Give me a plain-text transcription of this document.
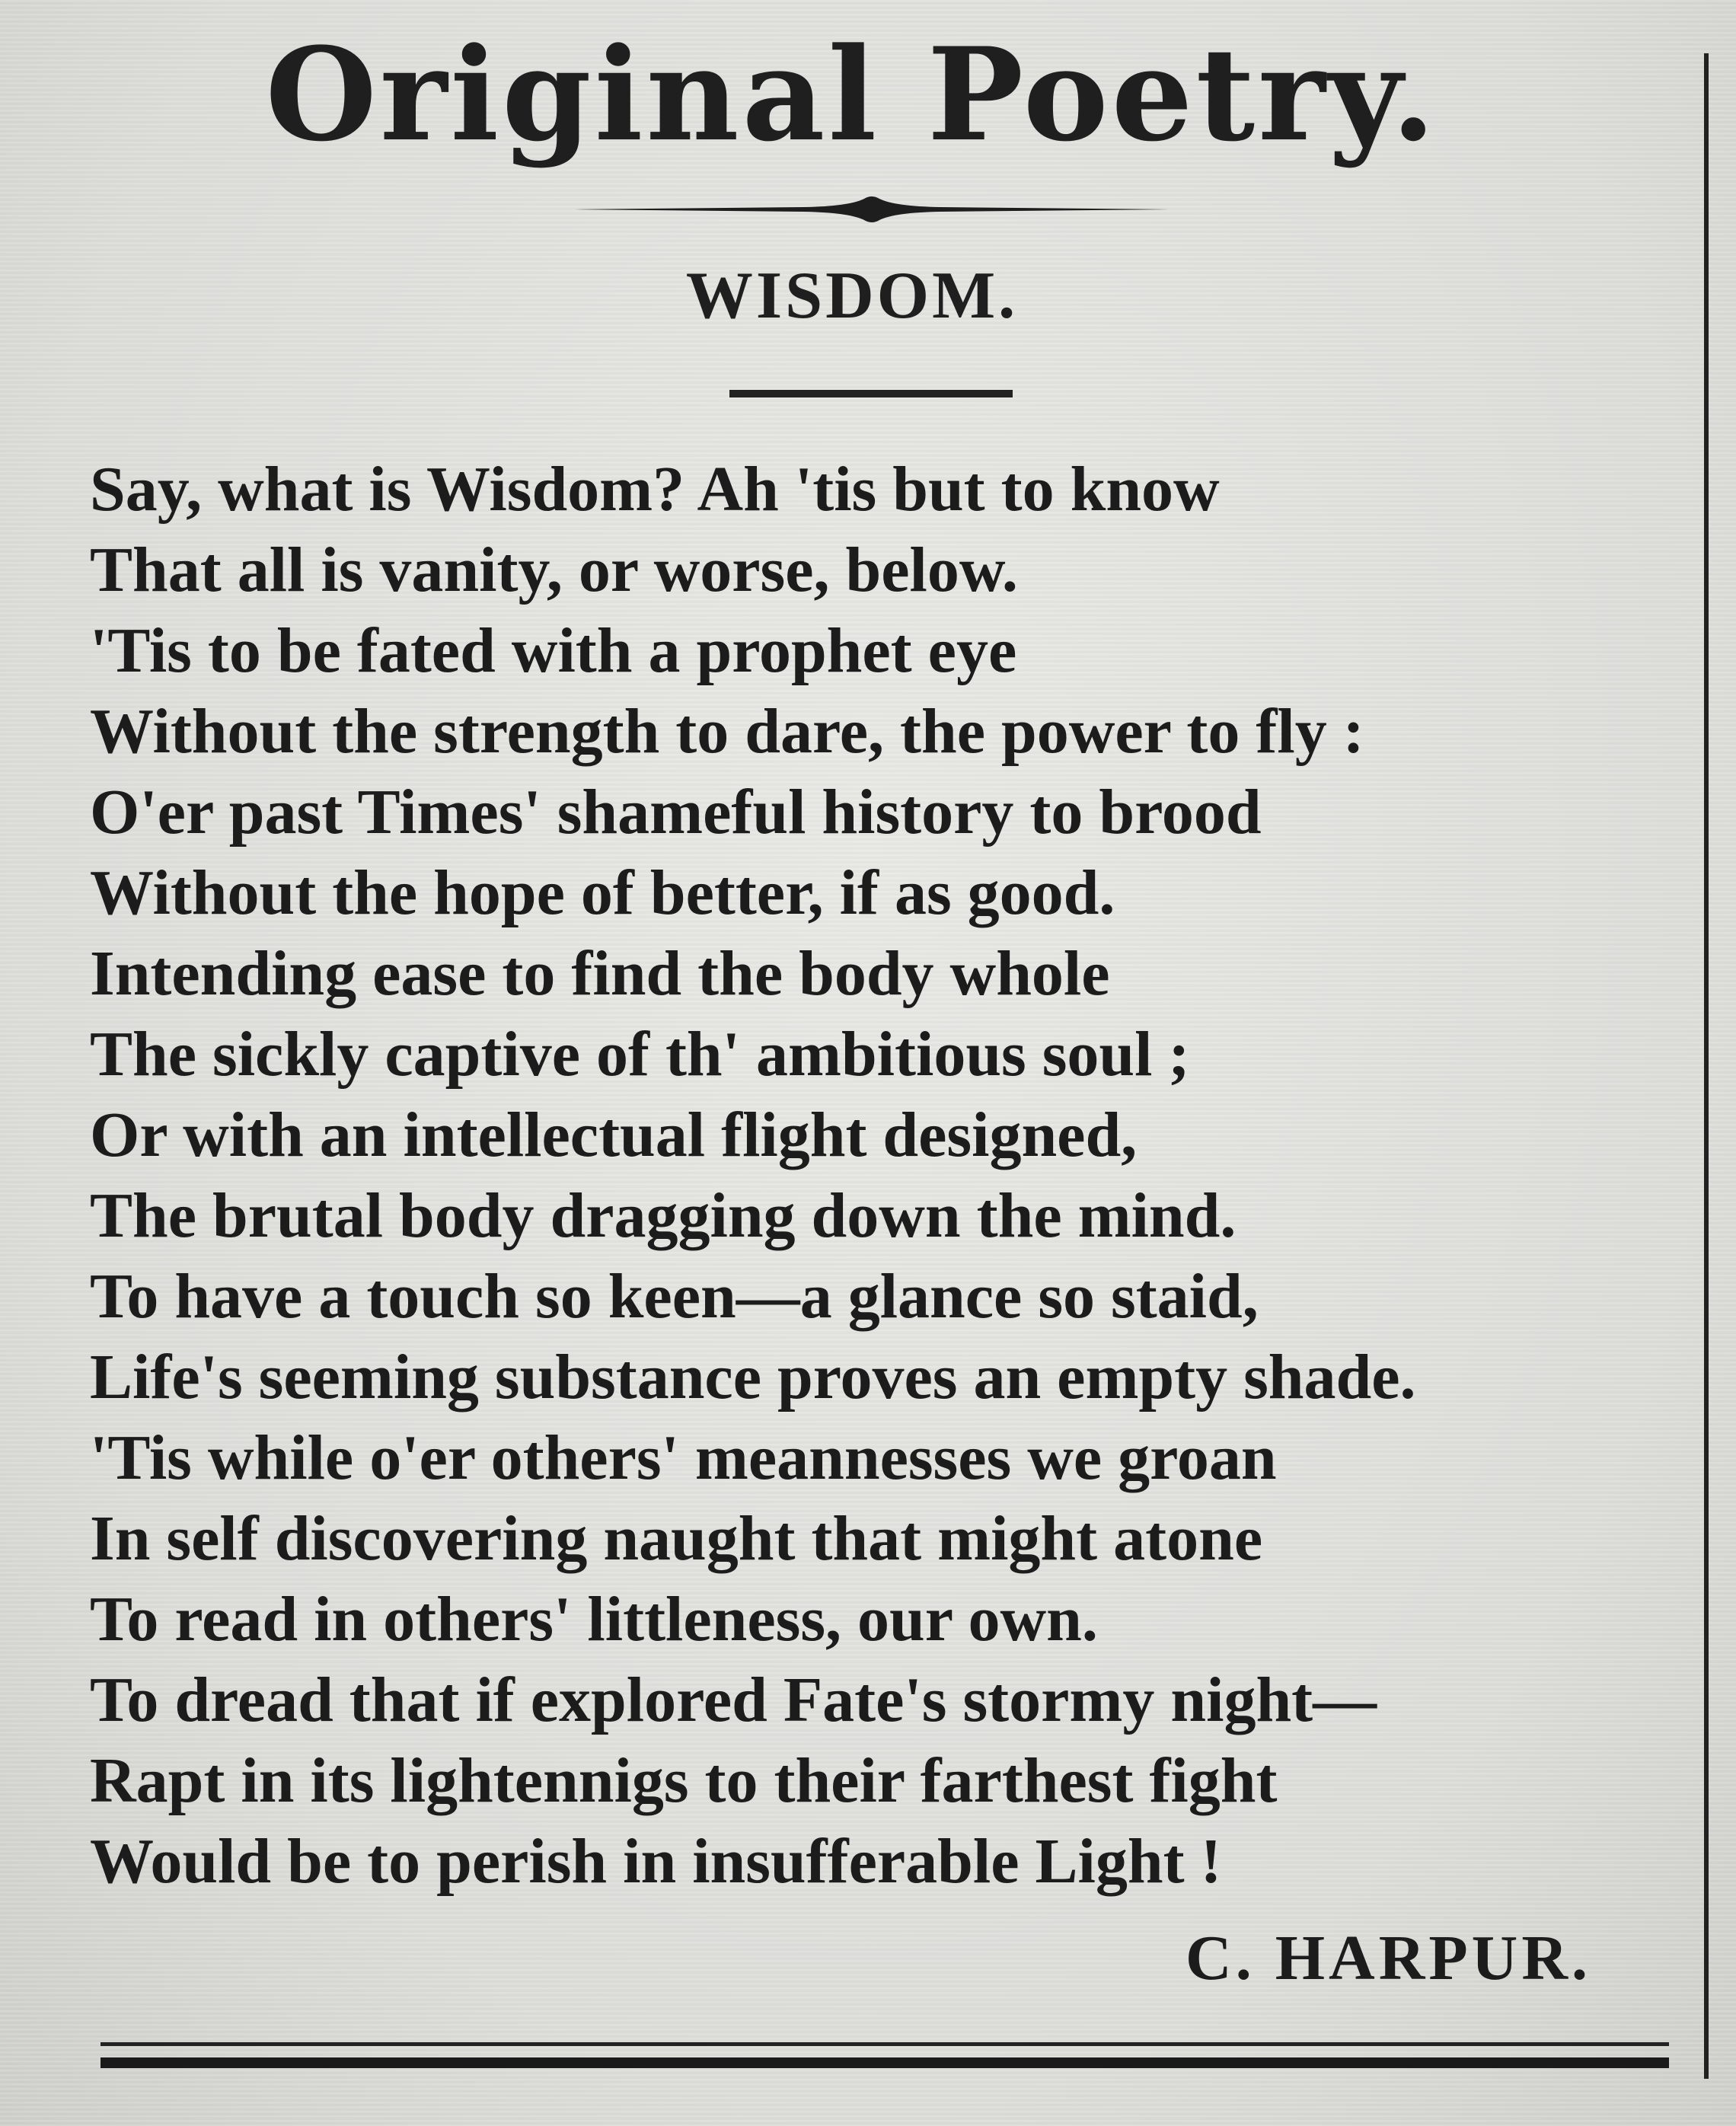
Original Poetry.
WISDOM.
Say, what is Wisdom? Ah 'tis but to know
That all is vanity, or worse, below.
'Tis to be fated with a prophet eye
Without the strength to dare, the power to fly :
O'er past Times' shameful history to brood
Without the hope of better, if as good.
Intending ease to find the body whole
The sickly captive of th' ambitious soul ;
Or with an intellectual flight designed,
The brutal body dragging down the mind.
To have a touch so keen—a glance so staid,
Life's seeming substance proves an empty shade.
'Tis while o'er others' meannesses we groan
In self discovering naught that might atone
To read in others' littleness, our own.
To dread that if explored Fate's stormy night—
Rapt in its lightennigs to their farthest fight
Would be to perish in insufferable Light !
C. HARPUR.
